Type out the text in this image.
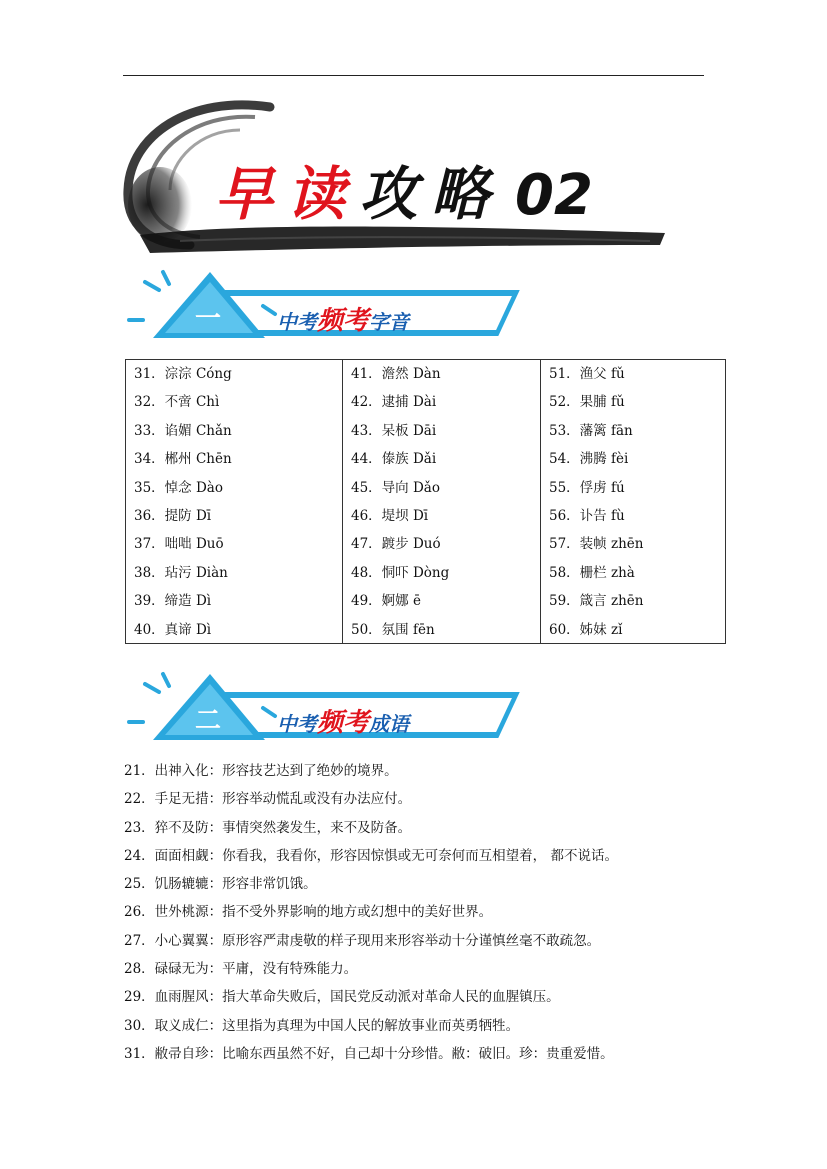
早读攻略 02
一	中考频考字音
31．淙淙 Cóng
32．不啻 Chì
33．谄媚 Chǎn
34．郴州 Chēn
35．悼念 Dào
36．提防 Dī
37．咄咄 Duō
38．玷污 Diàn
39．缔造 Dì
40．真谛 Dì
41．澹然 Dàn
42．逮捕 Dài
43．呆板 Dāi
44．傣族 Dǎi
45．导向 Dǎo
46．堤坝 Dī
47．踱步 Duó
48．恫吓 Dòng
49．婀娜 ē
50．氛围 fēn
51．渔父 fǔ
52．果脯 fǔ
53．藩篱 fān
54．沸腾 fèi
55．俘虏 fú
56．讣告 fù
57．装帧 zhēn
58．栅栏 zhà
59．箴言 zhēn
60．姊妹 zǐ
二	中考频考成语
21．出神入化：形容技艺达到了绝妙的境界。
22．手足无措：形容举动慌乱或没有办法应付。
23．猝不及防：事情突然袭发生，来不及防备。
24．面面相觑：你看我，我看你，形容因惊惧或无可奈何而互相望着， 都不说话。
25．饥肠辘辘：形容非常饥饿。
26．世外桃源：指不受外界影响的地方或幻想中的美好世界。
27．小心翼翼：原形容严肃虔敬的样子现用来形容举动十分谨慎丝毫不敢疏忽。
28．碌碌无为：平庸，没有特殊能力。
29．血雨腥风：指大革命失败后，国民党反动派对革命人民的血腥镇压。
30．取义成仁：这里指为真理为中国人民的解放事业而英勇牺牲。
31．敝帚自珍：比喻东西虽然不好，自己却十分珍惜。敝：破旧。珍：贵重爱惜。
